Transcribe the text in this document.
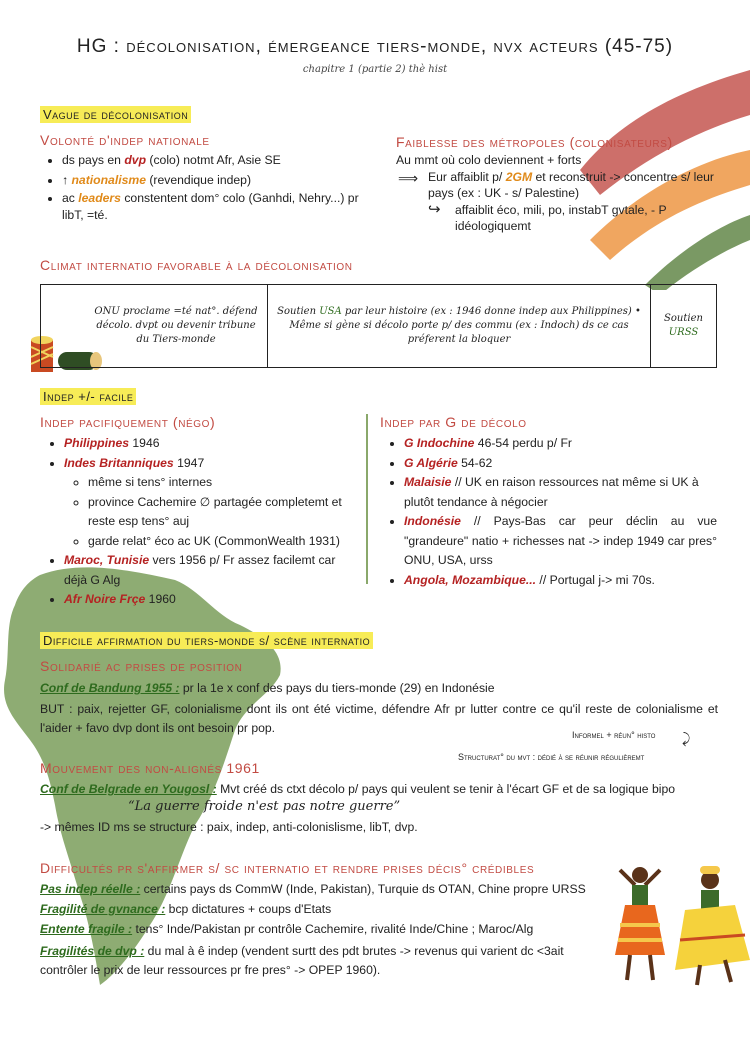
HG : décolonisation, émergeance tiers-monde, nvx acteurs (45-75)
chapitre 1 (partie 2) thè hist
Vague de décolonisation
Volonté d'indep nationale
• ds pays en dvp (colo) notmt Afr, Asie SE
• ↑ nationalisme (revendique indep)
• ac leaders constentent dom° colo (Ganhdi, Nehry...) pr libT, =té.
Faiblesse des métropoles (colonisateurs)
Au mmt où colo deviennent + forts
⟹ Eur affaiblit p/ 2GM et reconstruit -> concentre s/ leur pays (ex : UK - s/ Palestine)
↪ affaiblit éco, mili, po, instabT gvtale, - P idéologiquemt
Climat internatio favorable à la décolonisation
ONU proclame =té nat°. défend décolo. dvpt ou devenir tribune du Tiers-monde	Soutien USA par leur histoire (ex : 1946 donne indep aux Philippines) • Même si gène si décolo porte p/ des commu (ex : Indoch) ds ce cas préferent la bloquer	Soutien
URSS
Indep +/- facile
Indep pacifiquement (négo)
• Philippines 1946
• Indes Britanniques 1947
◦ même si tens° internes
◦ province Cachemire ∅ partagée completemt et reste esp tens° auj
◦ garde relat° éco ac UK (CommonWealth 1931)
• Maroc, Tunisie vers 1956 p/ Fr assez facilemt car déjà G Alg
• Afr Noire Frçe 1960
Indep par G de décolo
• G Indochine 46-54 perdu p/ Fr
• G Algérie 54-62
• Malaisie // UK en raison ressources nat même si UK à plutôt tendance à négocier
• Indonésie // Pays-Bas car peur déclin au vue "grandeure" natio + richesses nat -> indep 1949 car pres° ONU, USA, urss
• Angola, Mozambique... // Portugal j-> mi 70s.
Difficile affirmation du tiers-monde s/ scène internatio
Solidarié ac prises de position
Conf de Bandung 1955 : pr la 1e x conf des pays du tiers-monde (29) en Indonésie
BUT : paix, rejetter GF, colonialisme dont ils ont été victime, défendre Afr pr lutter contre ce qu'il reste de colonialisme et l'aider + favo dvp dont ils ont besoin pr pop.	Informel + réun° histo ⤸
Structurat° du mvt : dédié à se réunir régulièremt
Mouvement des non-alignés 1961
Conf de Belgrade en Yougosl : Mvt créé ds ctxt décolo p/ pays qui veulent se tenir à l'écart GF et de sa logique bipo
“La guerre froide n'est pas notre guerre”
-> mêmes ID ms se structure : paix, indep, anti-colonislisme, libT, dvp.
Difficultés pr s'affirmer s/ sc internatio et rendre prises décis° crédibles
Pas indep réelle : certains pays ds CommW (Inde, Pakistan), Turquie ds OTAN, Chine propre URSS
Fragilité de gvnance : bcp dictatures + coups d'Etats
Entente fragile : tens° Inde/Pakistan pr contrôle Cachemire, rivalité Inde/Chine ; Maroc/Alg
Fragilités de dvp : du mal à ê indep (vendent surtt des pdt brutes -> revenus qui varient dc <3ait contrôler le prix de leur ressources pr fre pres° -> OPEP 1960).
